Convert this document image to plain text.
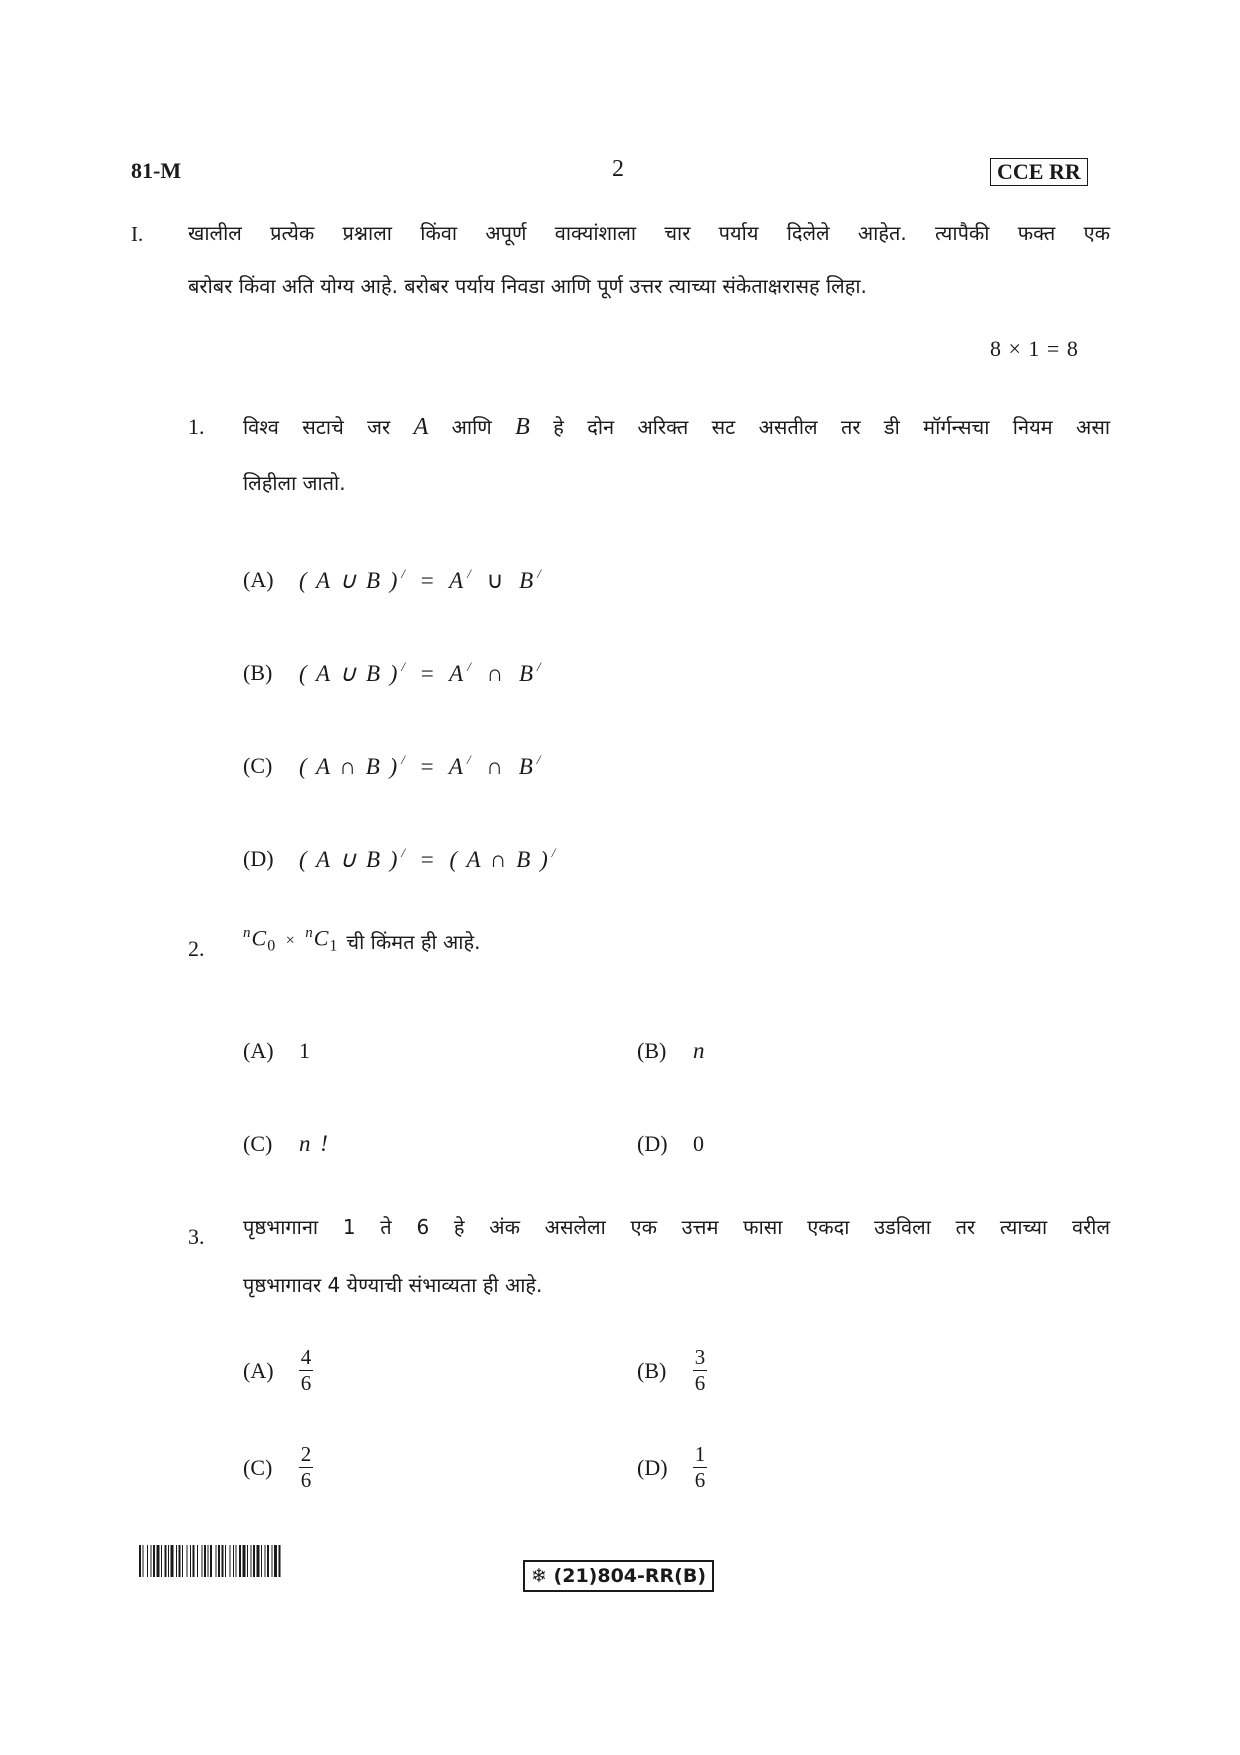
81-M	2	CCE RR
I. खालील प्रत्येक प्रश्नाला किंवा अपूर्ण वाक्यांशाला चार पर्याय दिलेले आहेत. त्यापैकी फक्त एक
बरोबर किंवा अति योग्य आहे. बरोबर पर्याय निवडा आणि पूर्ण उत्तर त्याच्या संकेताक्षरासह लिहा.
8 × 1 = 8
1. विश्व सटाचे जर A आणि B हे दोन अरिक्त सट असतील तर डी मॉर्गन्सचा नियम असा
लिहीला जातो.
(A)	( A ∪ B ) / = A / ∪ B /
(B)	( A ∪ B ) / = A / ∩ B /
(C)	( A ∩ B ) / = A / ∩ B /
(D)	( A ∪ B ) / = ( A ∩ B ) /
2.
$^nC_0 \times ^nC_1$ ची किंमत ही आहे.
(A)	1	(B)	n
(C)	n !	(D)	0
3. पृष्ठभागाना 1 ते 6 हे अंक असलेला एक उत्तम फासा एकदा उडविला तर त्याच्या वरील
पृष्ठभागावर 4 येण्याची संभाव्यता ही आहे.
(A)	$\frac{4}{6}$	(B)	$\frac{3}{6}$
(C)	$\frac{2}{6}$	(D)	$\frac{1}{6}$
❄ (21)804-RR(B)
